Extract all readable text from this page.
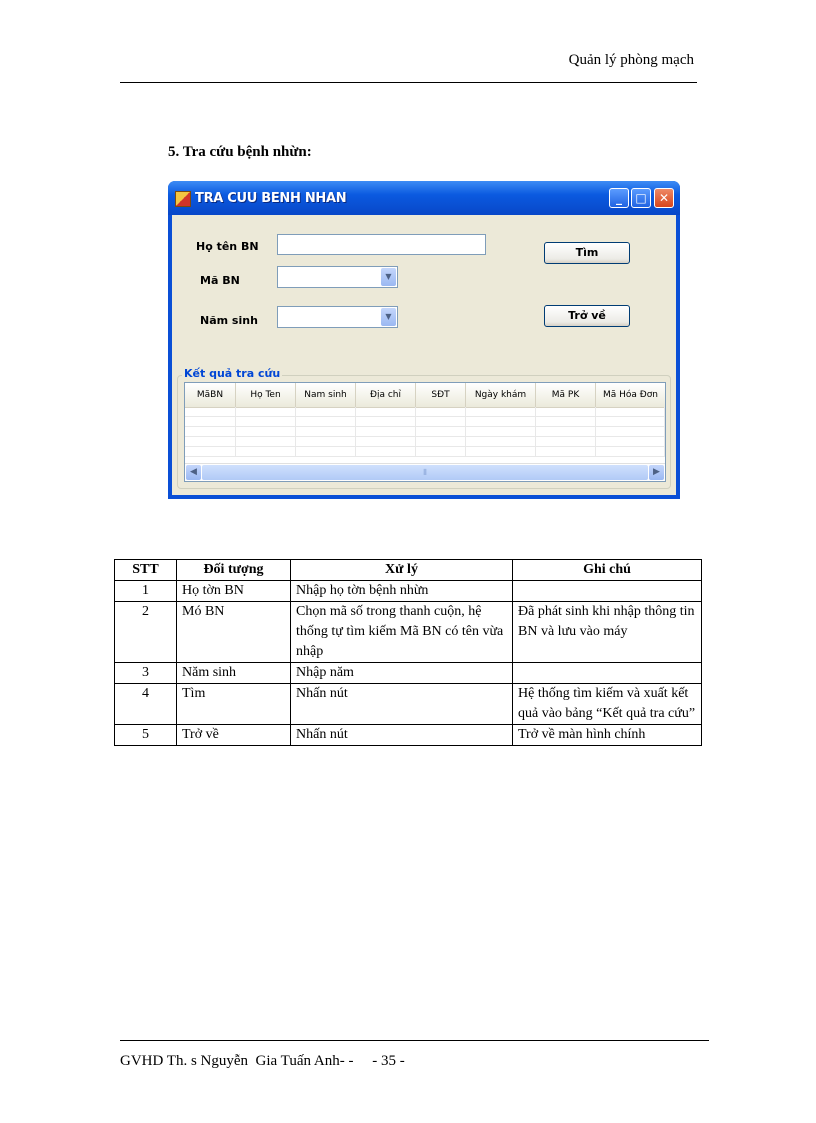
Quản lý phòng mạch
5. Tra cứu bệnh nhừn:
TRA CUU BENH NHAN	_	□	✕
Họ tên BN
Mã BN	▼
Năm sinh	▼
Tìm
Trở về
Kết quả tra cứu
MãBN	Họ Ten	Nam sinh	Địa chỉ	SĐT	Ngày khám	Mã PK	Mã Hóa Đơn
◀	⦀	▶
STT	Đối tượng	Xử lý	Ghi chú
1	Họ tờn BN	Nhập họ tờn bệnh nhừn	
2	Mó BN	Chọn mã số trong thanh cuộn, hệ thống tự tìm kiếm Mã BN có tên vừa nhập	Đã phát sinh khi nhập thông tin BN và lưu vào máy
3	Năm sinh	Nhập năm	
4	Tìm	Nhấn nút	Hệ thống tìm kiếm và xuất kết quả vào bảng “Kết quả tra cứu”
5	Trở về	Nhấn nút	Trở về màn hình chính
GVHD Th. s Nguyễn  Gia Tuấn Anh- -     - 35 -
